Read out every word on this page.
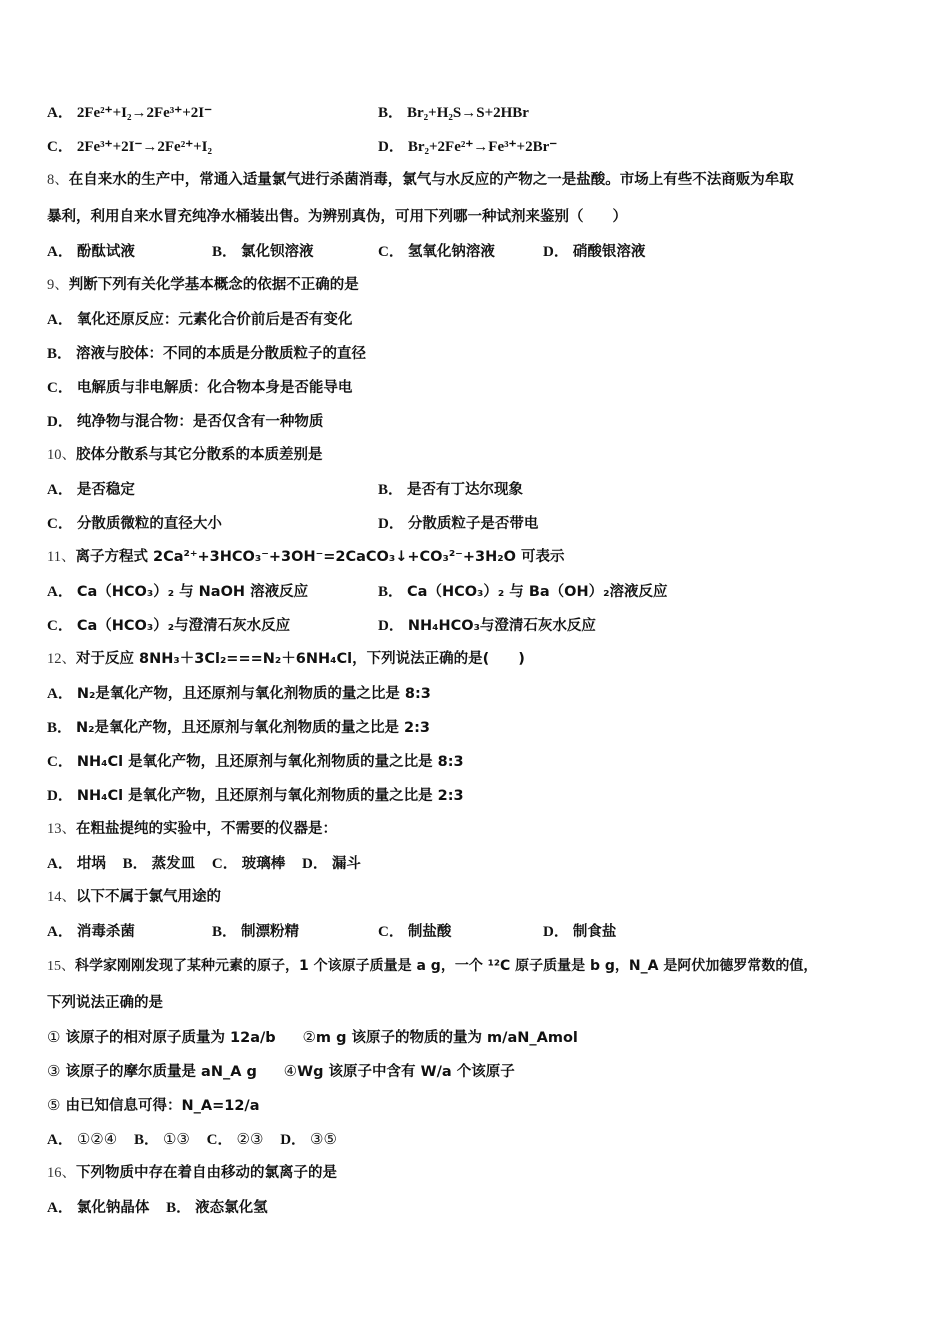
A． 2Fe²⁺+I₂→2Fe³⁺+2I⁻	B． Br₂+H₂S→S+2HBr
C． 2Fe³⁺+2I⁻→2Fe²⁺+I₂	D． Br₂+2Fe²⁺→Fe³⁺+2Br⁻
8、在自来水的生产中，常通入适量氯气进行杀菌消毒，氯气与水反应的产物之一是盐酸。市场上有些不法商贩为牟取
暴利，利用自来水冒充纯净水桶装出售。为辨别真伪，可用下列哪一种试剂来鉴别（　　）
A． 酚酞试液	B． 氯化钡溶液	C． 氢氧化钠溶液	D． 硝酸银溶液
9、判断下列有关化学基本概念的依据不正确的是
A． 氧化还原反应：元素化合价前后是否有变化
B． 溶液与胶体：不同的本质是分散质粒子的直径
C． 电解质与非电解质：化合物本身是否能导电
D． 纯净物与混合物：是否仅含有一种物质
10、胶体分散系与其它分散系的本质差别是
A． 是否稳定	B． 是否有丁达尔现象
C． 分散质微粒的直径大小	D． 分散质粒子是否带电
11、离子方程式 2Ca²⁺+3HCO₃⁻+3OH⁻=2CaCO₃↓+CO₃²⁻+3H₂O 可表示
A． Ca（HCO₃）₂ 与 NaOH 溶液反应	B． Ca（HCO₃）₂ 与 Ba（OH）₂溶液反应
C． Ca（HCO₃）₂与澄清石灰水反应	D． NH₄HCO₃与澄清石灰水反应
12、对于反应 8NH₃＋3Cl₂===N₂＋6NH₄Cl，下列说法正确的是(　　)
A． N₂是氧化产物，且还原剂与氧化剂物质的量之比是 8:3
B． N₂是氧化产物，且还原剂与氧化剂物质的量之比是 2:3
C． NH₄Cl 是氧化产物，且还原剂与氧化剂物质的量之比是 8:3
D． NH₄Cl 是氧化产物，且还原剂与氧化剂物质的量之比是 2:3
13、在粗盐提纯的实验中，不需要的仪器是：
A． 坩埚 B． 蒸发皿 C． 玻璃棒 D． 漏斗
14、以下不属于氯气用途的
A． 消毒杀菌	B． 制漂粉精	C． 制盐酸	D． 制食盐
15、科学家刚刚发现了某种元素的原子，1 个该原子质量是 a g，一个 ¹²C 原子质量是 b g，N_A 是阿伏加德罗常数的值，
下列说法正确的是
① 该原子的相对原子质量为 12a/b ②m g 该原子的物质的量为 m/aN_Amol
③ 该原子的摩尔质量是 aN_A g ④Wg 该原子中含有 W/a 个该原子
⑤ 由已知信息可得：N_A=12/a
A． ①②④ B． ①③ C． ②③ D． ③⑤
16、下列物质中存在着自由移动的氯离子的是
A． 氯化钠晶体 B． 液态氯化氢
